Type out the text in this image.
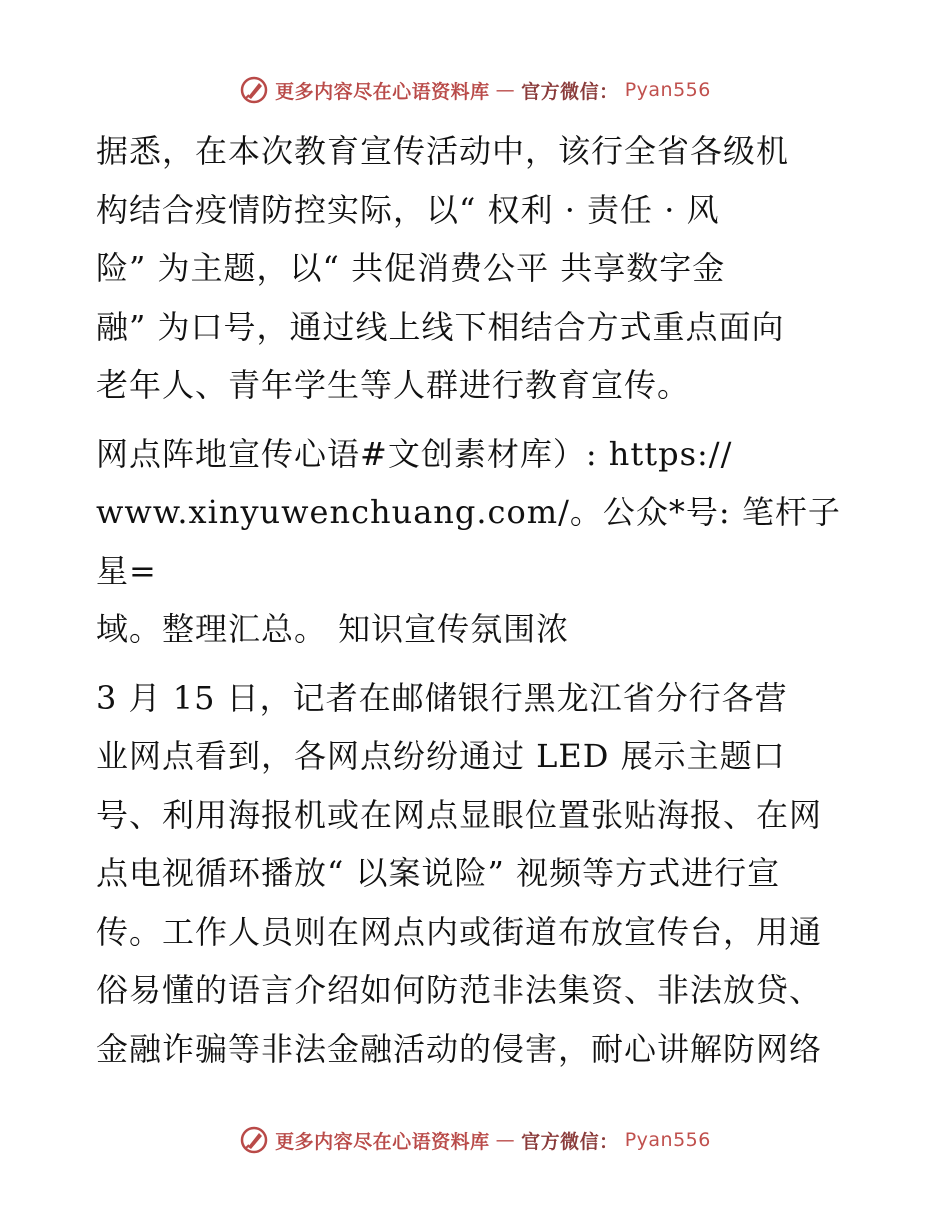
更多内容尽在心语资料库 — 官方微信： Pyan556

据悉，在本次教育宣传活动中，该行全省各级机
构结合疫情防控实际，以“ 权利 · 责任 · 风
险” 为主题，以“ 共促消费公平 共享数字金
融” 为口号，通过线上线下相结合方式重点面向
老年人、青年学生等人群进行教育宣传。

网点阵地宣传心语#文创素材库）: https://
www.xinyuwenchuang.com/。公众*号: 笔杆子星=
域。整理汇总。 知识宣传氛围浓

3 月 15 日，记者在邮储银行黑龙江省分行各营
业网点看到，各网点纷纷通过 LED 展示主题口
号、利用海报机或在网点显眼位置张贴海报、在网
点电视循环播放“ 以案说险” 视频等方式进行宣
传。工作人员则在网点内或街道布放宣传台，用通
俗易懂的语言介绍如何防范非法集资、非法放贷、
金融诈骗等非法金融活动的侵害，耐心讲解防网络

更多内容尽在心语资料库 — 官方微信： Pyan556
